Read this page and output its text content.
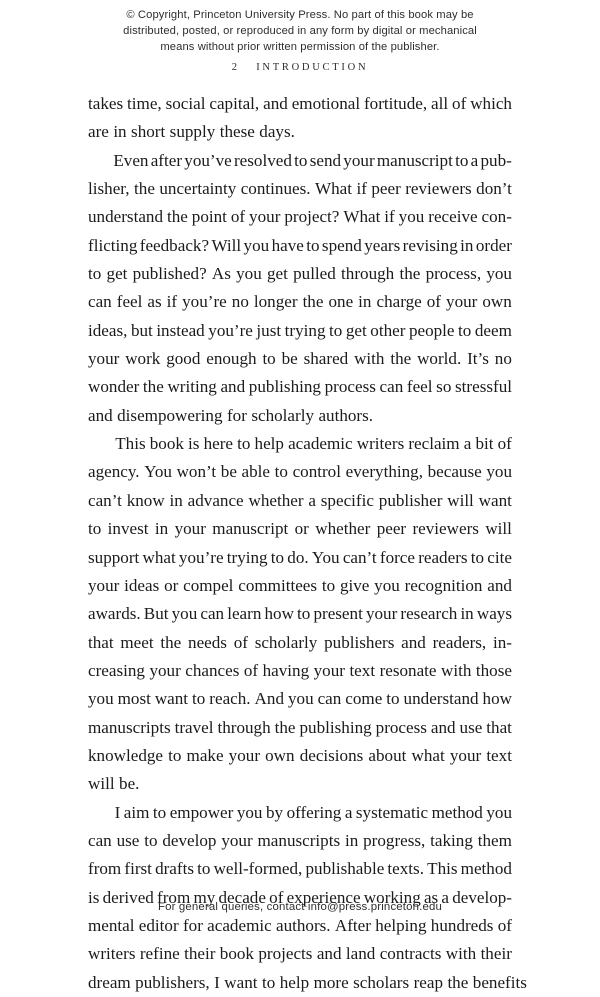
© Copyright, Princeton University Press. No part of this book may be
distributed, posted, or reproduced in any form by digital or mechanical
means without prior written permission of the publisher.
2 INTRODUCTION

takes time, social capital, and emotional fortitude, all of which
are in short supply these days.

Even after you’ve resolved to send your manuscript to a pub-
lisher, the uncertainty continues. What if peer reviewers don’t
understand the point of your project? What if you receive con-
flicting feedback? Will you have to spend years revising in order
to get published? As you get pulled through the process, you
can feel as if you’re no longer the one in charge of your own
ideas, but instead you’re just trying to get other people to deem
your work good enough to be shared with the world. It’s no
wonder the writing and publishing process can feel so stressful
and disempowering for scholarly authors.

This book is here to help academic writers reclaim a bit of
agency. You won’t be able to control everything, because you
can’t know in advance whether a specific publisher will want
to invest in your manuscript or whether peer reviewers will
support what you’re trying to do. You can’t force readers to cite
your ideas or compel committees to give you recognition and
awards. But you can learn how to present your research in ways
that meet the needs of scholarly publishers and readers, in-
creasing your chances of having your text resonate with those
you most want to reach. And you can come to understand how
manuscripts travel through the publishing process and use that
knowledge to make your own decisions about what your text
will be.

I aim to empower you by offering a systematic method you
can use to develop your manuscripts in progress, taking them
from first drafts to well-formed, publishable texts. This method
is derived from my decade of experience working as a develop-
mental editor for academic authors. After helping hundreds of
writers refine their book projects and land contracts with their
dream publishers, I want to help more scholars reap the benefits

For general queries, contact info@press.princeton.edu
